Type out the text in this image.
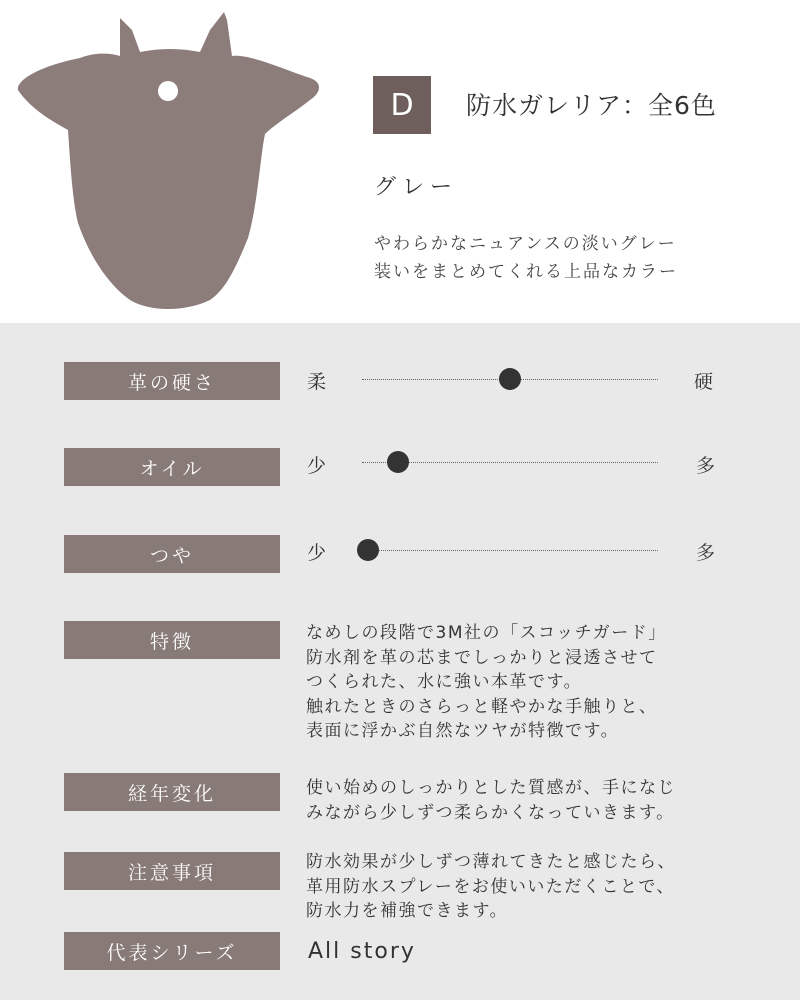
D	防水ガレリア：全6色
グレー
やわらかなニュアンスの淡いグレー
装いをまとめてくれる上品なカラー
革の硬さ	柔	硬
オイル	少	多
つや	少	多
特徴	なめしの段階で3M社の「スコッチガード」
防水剤を革の芯までしっかりと浸透させて
つくられた、水に強い本革です。
触れたときのさらっと軽やかな手触りと、
表面に浮かぶ自然なツヤが特徴です。
経年変化	使い始めのしっかりとした質感が、手になじ
みながら少しずつ柔らかくなっていきます。
注意事項	防水効果が少しずつ薄れてきたと感じたら、
革用防水スプレーをお使いいただくことで、
防水力を補強できます。
代表シリーズ	All story
